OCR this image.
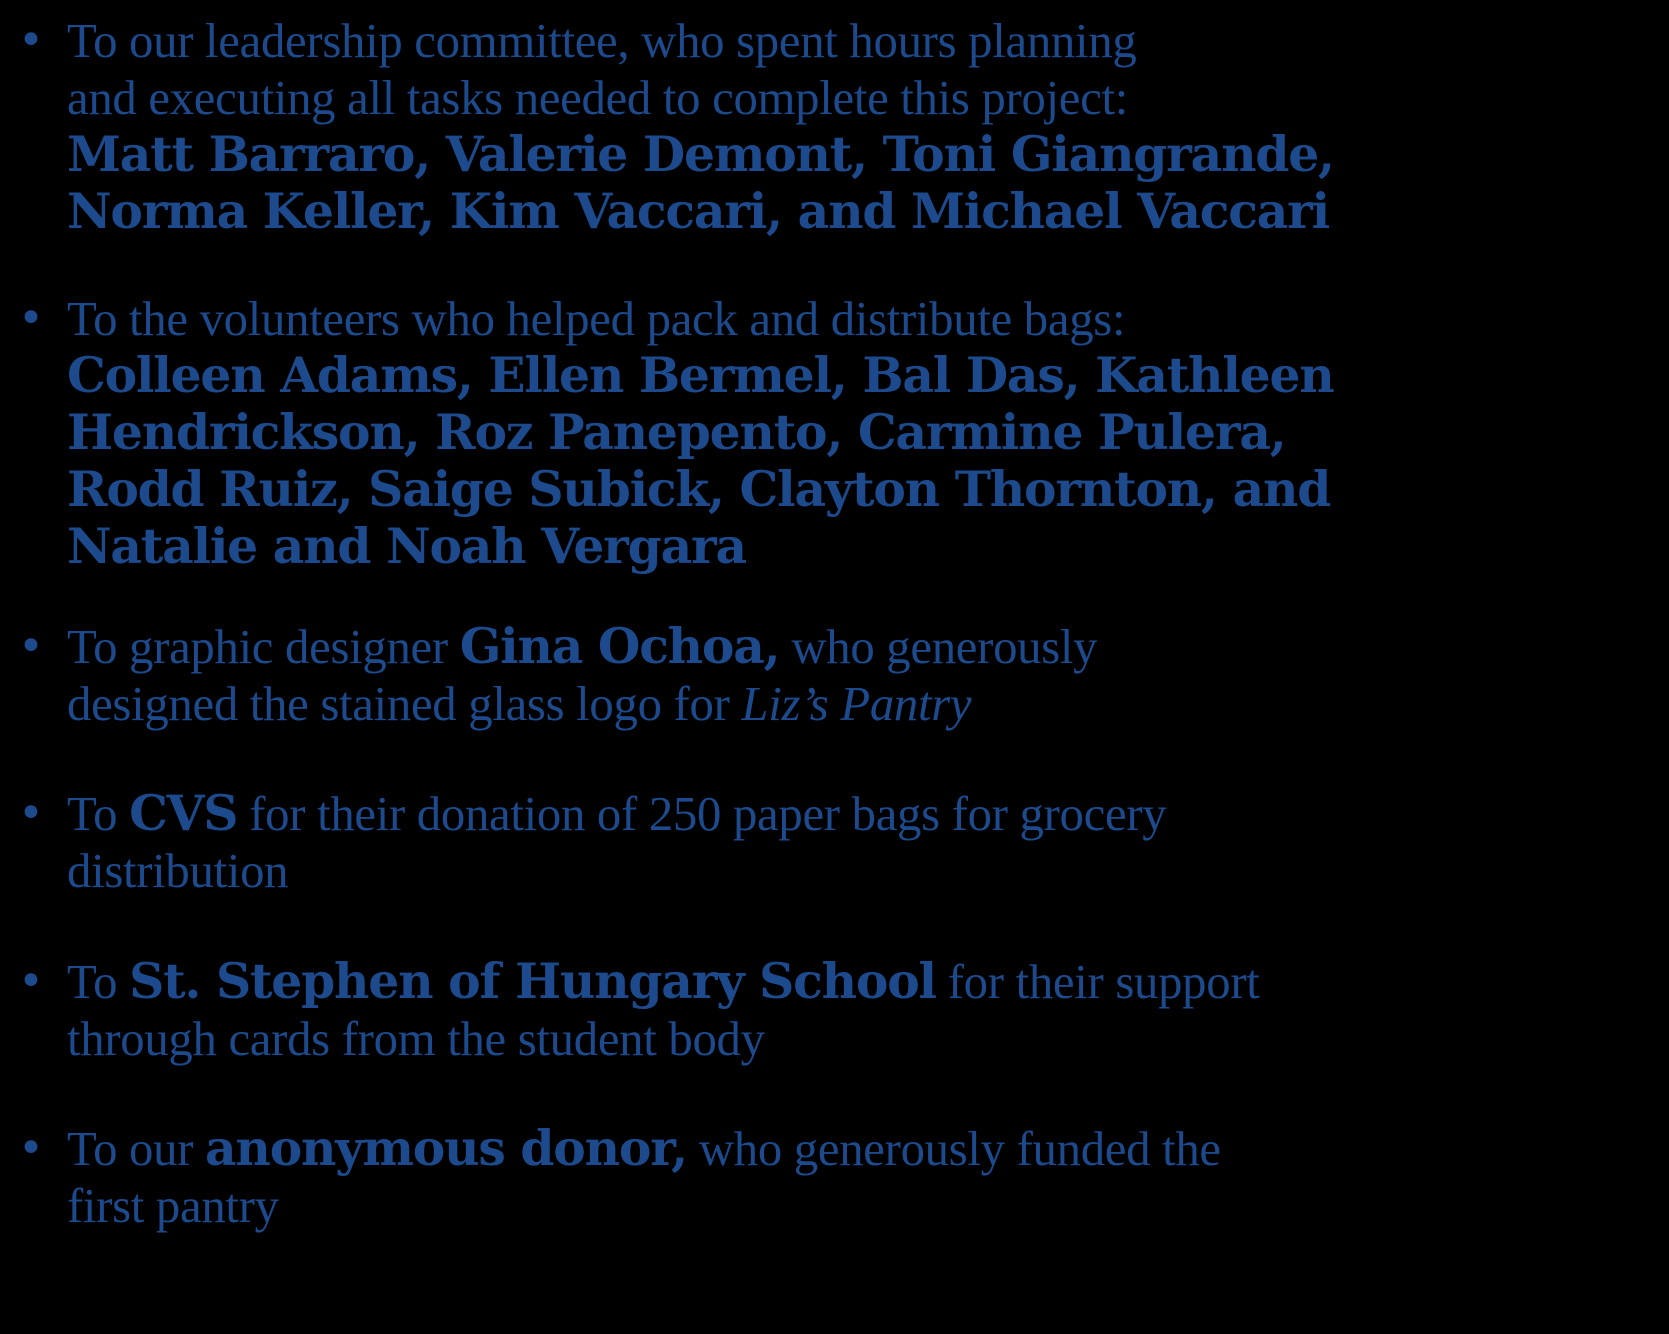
• To our leadership committee, who spent hours planning
and executing all tasks needed to complete this project:
Matt Barraro, Valerie Demont, Toni Giangrande,
Norma Keller, Kim Vaccari, and Michael Vaccari
• To the volunteers who helped pack and distribute bags:
Colleen Adams, Ellen Bermel, Bal Das, Kathleen
Hendrickson, Roz Panepento, Carmine Pulera,
Rodd Ruiz, Saige Subick, Clayton Thornton, and
Natalie and Noah Vergara
• To graphic designer Gina Ochoa, who generously
designed the stained glass logo for Liz’s Pantry
• To CVS for their donation of 250 paper bags for grocery
distribution
• To St. Stephen of Hungary School for their support
through cards from the student body
• To our anonymous donor, who generously funded the
first pantry
